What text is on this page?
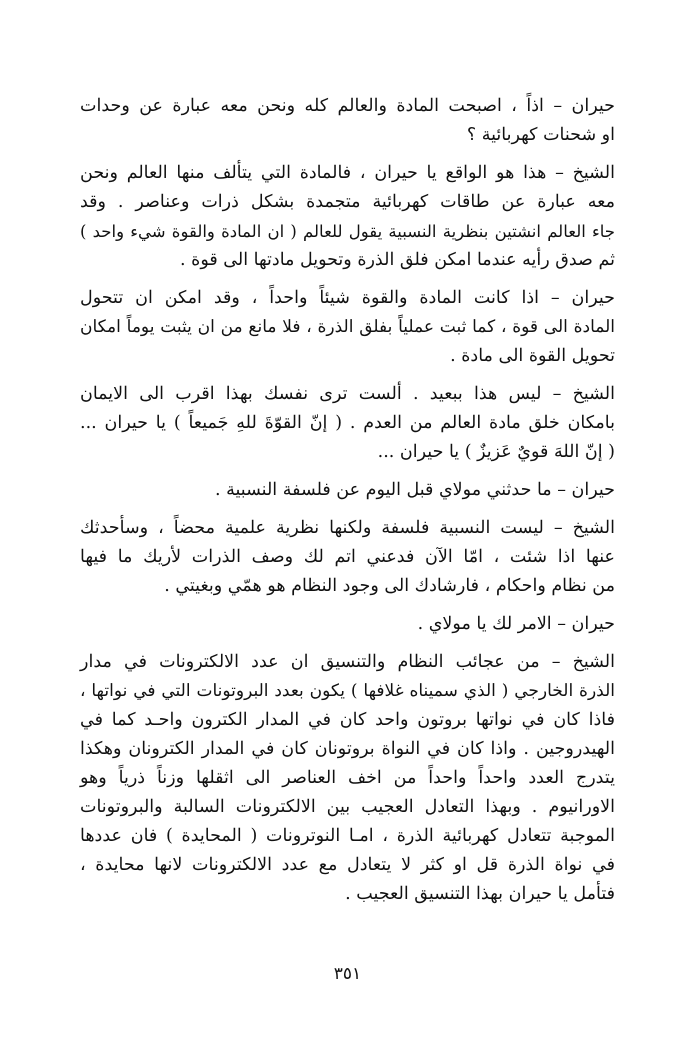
حيران – اذاً ، اصبحت المادة والعالم كله ونحن معه عبارة عن وحدات
او شحنات كهربائية ؟
الشيخ – هذا هو الواقع يا حيران ، فالمادة التي يتألف منها العالم ونحن
معه عبارة عن طاقات كهربائية متجمدة بشكل ذرات وعناصر . وقد
جاء العالم انشتين بنظرية النسبية يقول للعالم ( ان المادة والقوة شيء واحد )
ثم صدق رأيه عندما امكن فلق الذرة وتحويل مادتها الى قوة .
حيران – اذا كانت المادة والقوة شيئاً واحداً ، وقد امكن ان تتحول
المادة الى قوة ، كما ثبت عملياً بفلق الذرة ، فلا مانع من ان يثبت يوماً امكان
تحويل القوة الى مادة .
الشيخ – ليس هذا ببعيد . ألست ترى نفسك بهذا اقرب الى الايمان
بامكان خلق مادة العالم من العدم . ( إنّ القوّةَ للهِ جَميعاً ) يا حيران ...
( إنّ اللهَ قويٌ عَزيزٌ ) يا حيران ...
حيران – ما حدثني مولاي قبل اليوم عن فلسفة النسبية .
الشيخ – ليست النسبية فلسفة ولكنها نظرية علمية محضاً ، وسأحدثك
عنها اذا شئت ، امّا الآن فدعني اتم لك وصف الذرات لأريك ما فيها
من نظام واحكام ، فارشادك الى وجود النظام هو همّي وبغيتي .
حيران – الامر لك يا مولاي .
الشيخ – من عجائب النظام والتنسيق ان عدد الالكترونات في مدار
الذرة الخارجي ( الذي سميناه غلافها ) يكون بعدد البروتونات التي في نواتها ،
فاذا كان في نواتها بروتون واحد كان في المدار الكترون واحـد كما في
الهيدروجين . واذا كان في النواة بروتونان كان في المدار الكترونان وهكذا
يتدرج العدد واحداً واحداً من اخف العناصر الى اثقلها وزناً ذرياً وهو
الاورانيوم . وبهذا التعادل العجيب بين الالكترونات السالبة والبروتونات
الموجبة تتعادل كهربائية الذرة ، امـا النوترونات ( المحايدة ) فان عددها
في نواة الذرة قل او كثر لا يتعادل مع عدد الالكترونات لانها محايدة ،
فتأمل يا حيران بهذا التنسيق العجيب .
٣٥١
